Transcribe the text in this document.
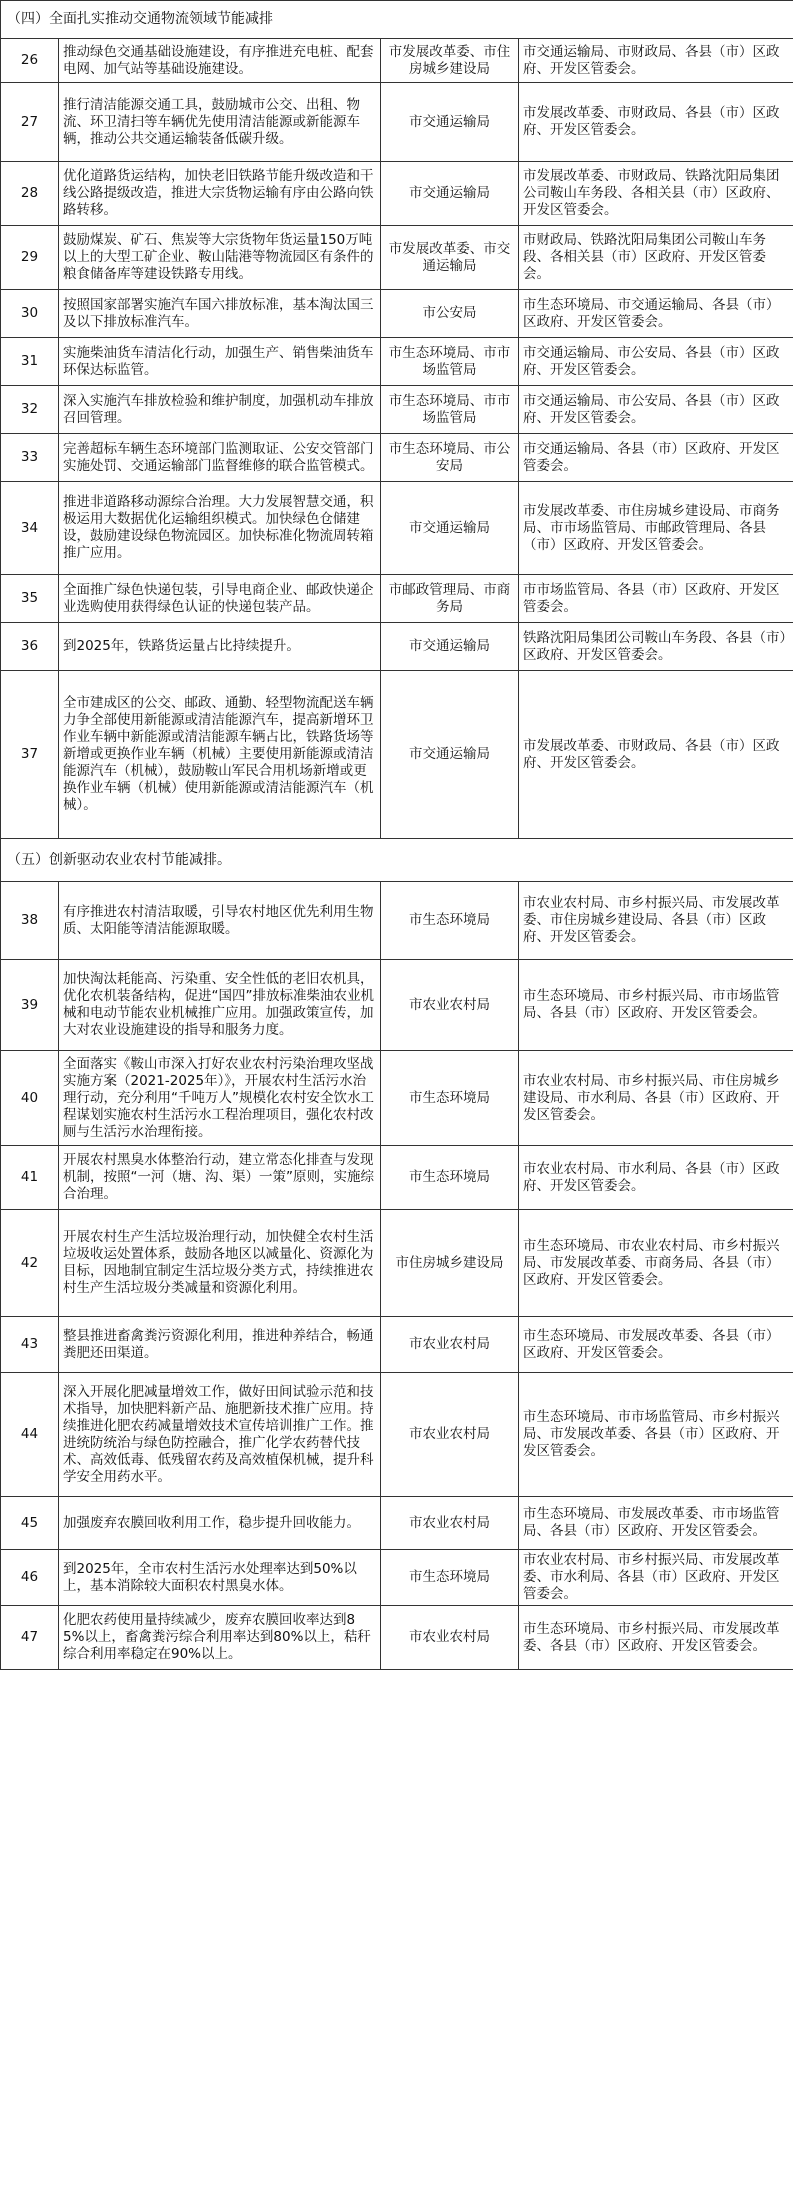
（四）全面扎实推动交通物流领域节能减排			
26	推动绿色交通基础设施建设，有序推进充电桩、配套电网、加气站等基础设施建设。	市发展改革委、市住房城乡建设局	市交通运输局、市财政局、各县（市）区政府、开发区管委会。
27	推行清洁能源交通工具，鼓励城市公交、出租、物流、环卫清扫等车辆优先使用清洁能源或新能源车辆，推动公共交通运输装备低碳升级。	市交通运输局	市发展改革委、市财政局、各县（市）区政府、开发区管委会。
28	优化道路货运结构，加快老旧铁路节能升级改造和干线公路提级改造，推进大宗货物运输有序由公路向铁路转移。	市交通运输局	市发展改革委、市财政局、铁路沈阳局集团公司鞍山车务段、各相关县（市）区政府、开发区管委会。
29	鼓励煤炭、矿石、焦炭等大宗货物年货运量150万吨以上的大型工矿企业、鞍山陆港等物流园区有条件的粮食储备库等建设铁路专用线。	市发展改革委、市交通运输局	市财政局、铁路沈阳局集团公司鞍山车务段、各相关县（市）区政府、开发区管委会。
30	按照国家部署实施汽车国六排放标准，基本淘汰国三及以下排放标准汽车。	市公安局	市生态环境局、市交通运输局、各县（市）区政府、开发区管委会。
31	实施柴油货车清洁化行动，加强生产、销售柴油货车环保达标监管。	市生态环境局、市市场监管局	市交通运输局、市公安局、各县（市）区政府、开发区管委会。
32	深入实施汽车排放检验和维护制度，加强机动车排放召回管理。	市生态环境局、市市场监管局	市交通运输局、市公安局、各县（市）区政府、开发区管委会。
33	完善超标车辆生态环境部门监测取证、公安交管部门实施处罚、交通运输部门监督维修的联合监管模式。	市生态环境局、市公安局	市交通运输局、各县（市）区政府、开发区管委会。
34	推进非道路移动源综合治理。大力发展智慧交通，积极运用大数据优化运输组织模式。加快绿色仓储建设，鼓励建设绿色物流园区。加快标准化物流周转箱推广应用。	市交通运输局	市发展改革委、市住房城乡建设局、市商务局、市市场监管局、市邮政管理局、各县（市）区政府、开发区管委会。
35	全面推广绿色快递包装，引导电商企业、邮政快递企业选购使用获得绿色认证的快递包装产品。	市邮政管理局、市商务局	市市场监管局、各县（市）区政府、开发区管委会。
36	到2025年，铁路货运量占比持续提升。	市交通运输局	铁路沈阳局集团公司鞍山车务段、各县（市）区政府、开发区管委会。
37	全市建成区的公交、邮政、通勤、轻型物流配送车辆力争全部使用新能源或清洁能源汽车，提高新增环卫作业车辆中新能源或清洁能源车辆占比，铁路货场等新增或更换作业车辆（机械）主要使用新能源或清洁能源汽车（机械），鼓励鞍山军民合用机场新增或更换作业车辆（机械）使用新能源或清洁能源汽车（机械）。	市交通运输局	市发展改革委、市财政局、各县（市）区政府、开发区管委会。
（五）创新驱动农业农村节能减排。			
38	有序推进农村清洁取暖，引导农村地区优先利用生物质、太阳能等清洁能源取暖。	市生态环境局	市农业农村局、市乡村振兴局、市发展改革委、市住房城乡建设局、各县（市）区政府、开发区管委会。
39	加快淘汰耗能高、污染重、安全性低的老旧农机具，优化农机装备结构，促进“国四”排放标准柴油农业机械和电动节能农业机械推广应用。加强政策宣传，加大对农业设施建设的指导和服务力度。	市农业农村局	市生态环境局、市乡村振兴局、市市场监管局、各县（市）区政府、开发区管委会。
40	全面落实《鞍山市深入打好农业农村污染治理攻坚战实施方案（2021-2025年）》，开展农村生活污水治理行动，充分利用“千吨万人”规模化农村安全饮水工程谋划实施农村生活污水工程治理项目，强化农村改厕与生活污水治理衔接。	市生态环境局	市农业农村局、市乡村振兴局、市住房城乡建设局、市水利局、各县（市）区政府、开发区管委会。
41	开展农村黑臭水体整治行动，建立常态化排查与发现机制，按照“一河（塘、沟、渠）一策”原则，实施综合治理。	市生态环境局	市农业农村局、市水利局、各县（市）区政府、开发区管委会。
42	开展农村生产生活垃圾治理行动，加快健全农村生活垃圾收运处置体系，鼓励各地区以减量化、资源化为目标，因地制宜制定生活垃圾分类方式，持续推进农村生产生活垃圾分类减量和资源化利用。	市住房城乡建设局	市生态环境局、市农业农村局、市乡村振兴局、市发展改革委、市商务局、各县（市）区政府、开发区管委会。
43	整县推进畜禽粪污资源化利用，推进种养结合，畅通粪肥还田渠道。	市农业农村局	市生态环境局、市发展改革委、各县（市）区政府、开发区管委会。
44	深入开展化肥减量增效工作，做好田间试验示范和技术指导，加快肥料新产品、施肥新技术推广应用。持续推进化肥农药减量增效技术宣传培训推广工作。推进统防统治与绿色防控融合，推广化学农药替代技术、高效低毒、低残留农药及高效植保机械，提升科学安全用药水平。	市农业农村局	市生态环境局、市市场监管局、市乡村振兴局、市发展改革委、各县（市）区政府、开发区管委会。
45	加强废弃农膜回收利用工作，稳步提升回收能力。	市农业农村局	市生态环境局、市发展改革委、市市场监管局、各县（市）区政府、开发区管委会。
46	到2025年，全市农村生活污水处理率达到50%以上，基本消除较大面积农村黑臭水体。	市生态环境局	市农业农村局、市乡村振兴局、市发展改革委、市水利局、各县（市）区政府、开发区管委会。
47	化肥农药使用量持续减少，废弃农膜回收率达到85%以上，畜禽粪污综合利用率达到80%以上，秸秆综合利用率稳定在90%以上。	市农业农村局	市生态环境局、市乡村振兴局、市发展改革委、各县（市）区政府、开发区管委会。
